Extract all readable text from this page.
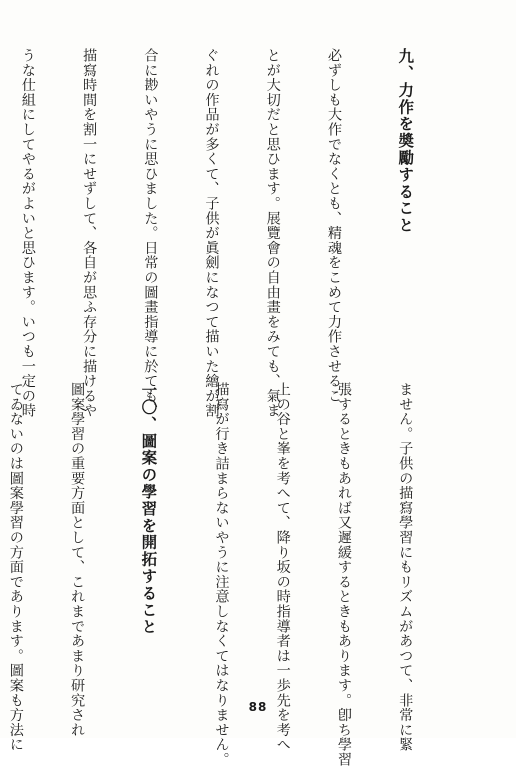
九、力作を奬勵すること

必ずしも大作でなくとも、精魂をこめて力作させるこ

とが大切だと思ひます。展覽會の自由畫をみても、氣ま

ぐれの作品が多くて、子供が眞劍になつて描いた繪が割

合に尠いやうに思ひました。日常の圖畫指導に於ても、

描寫時間を割一にせずして、各自が思ふ存分に描けるや

うな仕組にしてやるがよいと思ひます。いつも一定の時

ません。子供の描寫學習にもリズムがあつて、非常に緊

張するときもあれば又遲緩するときもあります。卽ち學習

上の谷と峯を考へて、降り坂の時指導者は一歩先を考へ

描寫が行き詰まらないやうに注意しなくてはなりません。

一〇、圖案の學習を開拓すること

圖案學習の重要方面として、これまであまり研究され

てゐないのは圖案學習の方面であります。圖案も方法に

	88
